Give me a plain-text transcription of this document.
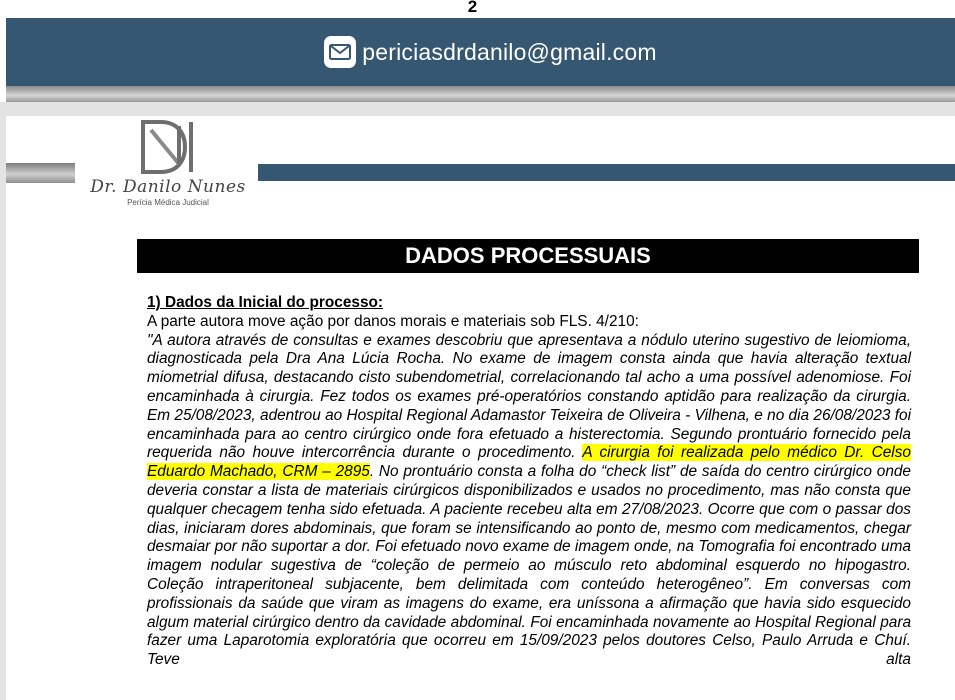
2
periciasdrdanilo@gmail.com
Dr. Danilo Nunes
Perícia Médica Judicial
DADOS PROCESSUAIS
1) Dados da Inicial do processo:
A parte autora move ação por danos morais e materiais sob FLS. 4/210:
"A autora através de consultas e exames descobriu que apresentava a nódulo uterino sugestivo de leiomioma, diagnosticada pela Dra Ana Lúcia Rocha. No exame de imagem consta ainda que havia alteração textual miometrial difusa, destacando cisto subendometrial, correlacionando tal acho a uma possível adenomiose. Foi encaminhada à cirurgia. Fez todos os exames pré-operatórios constando aptidão para realização da cirurgia. Em 25/08/2023, adentrou ao Hospital Regional Adamastor Teixeira de Oliveira - Vilhena, e no dia 26/08/2023 foi encaminhada para ao centro cirúrgico onde fora efetuado a histerectomia. Segundo prontuário fornecido pela requerida não houve intercorrência durante o procedimento. A cirurgia foi realizada pelo médico Dr. Celso Eduardo Machado, CRM – 2895. No prontuário consta a folha do “check list” de saída do centro cirúrgico onde deveria constar a lista de materiais cirúrgicos disponibilizados e usados no procedimento, mas não consta que qualquer checagem tenha sido efetuada. A paciente recebeu alta em 27/08/2023. Ocorre que com o passar dos dias, iniciaram dores abdominais, que foram se intensificando ao ponto de, mesmo com medicamentos, chegar desmaiar por não suportar a dor. Foi efetuado novo exame de imagem onde, na Tomografia foi encontrado uma imagem nodular sugestiva de “coleção de permeio ao músculo reto abdominal esquerdo no hipogastro. Coleção intraperitoneal subjacente, bem delimitada com conteúdo heterogêneo”. Em conversas com profissionais da saúde que viram as imagens do exame, era uníssona a afirmação que havia sido esquecido algum material cirúrgico dentro da cavidade abdominal. Foi encaminhada novamente ao Hospital Regional para fazer uma Laparotomia exploratória que ocorreu em 15/09/2023 pelos doutores Celso, Paulo Arruda e Chuí. Teve alta
